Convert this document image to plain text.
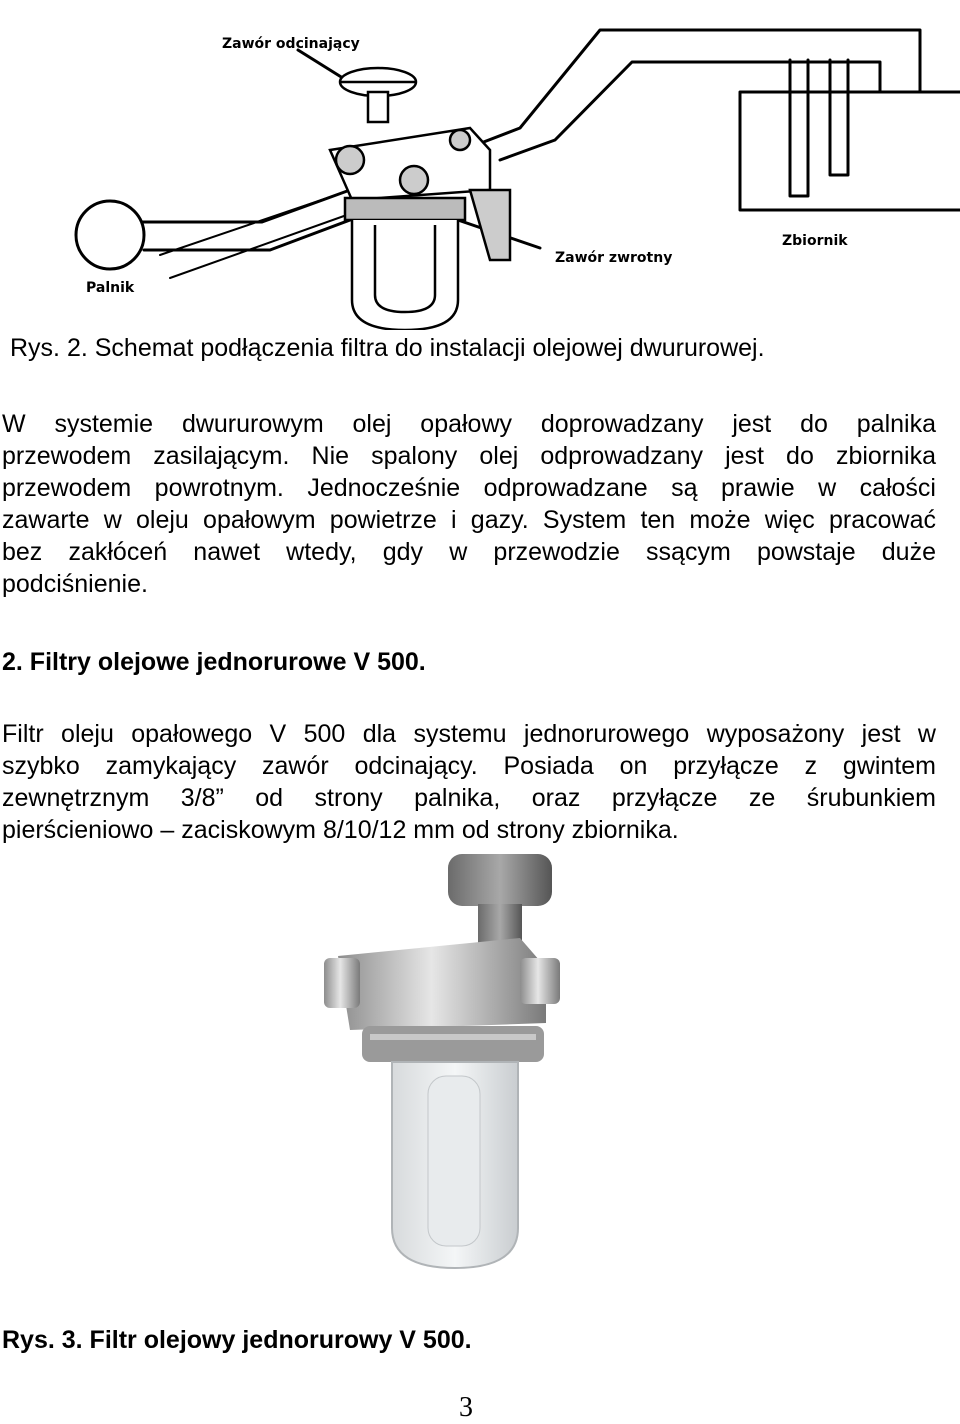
Zawór odcinający
Zawór zwrotny
Zbiornik
Palnik

Rys. 2. Schemat podłączenia filtra do instalacji olejowej dwururowej.

W systemie dwururowym olej opałowy doprowadzany jest do palnika
przewodem zasilającym. Nie spalony olej odprowadzany jest do zbiornika
przewodem powrotnym. Jednocześnie odprowadzane są prawie w całości
zawarte w oleju opałowym powietrze i gazy. System ten może więc pracować
bez zakłóceń nawet wtedy, gdy w przewodzie ssącym powstaje duże
podciśnienie.

2. Filtry olejowe jednorurowe V 500.

Filtr oleju opałowego V 500 dla systemu jednorurowego wyposażony jest w
szybko zamykający zawór odcinający. Posiada on przyłącze z gwintem
zewnętrznym 3/8” od strony palnika, oraz przyłącze ze śrubunkiem
pierścieniowo – zaciskowym 8/10/12 mm od strony zbiornika.

Rys. 3. Filtr olejowy jednorurowy V 500.

3
